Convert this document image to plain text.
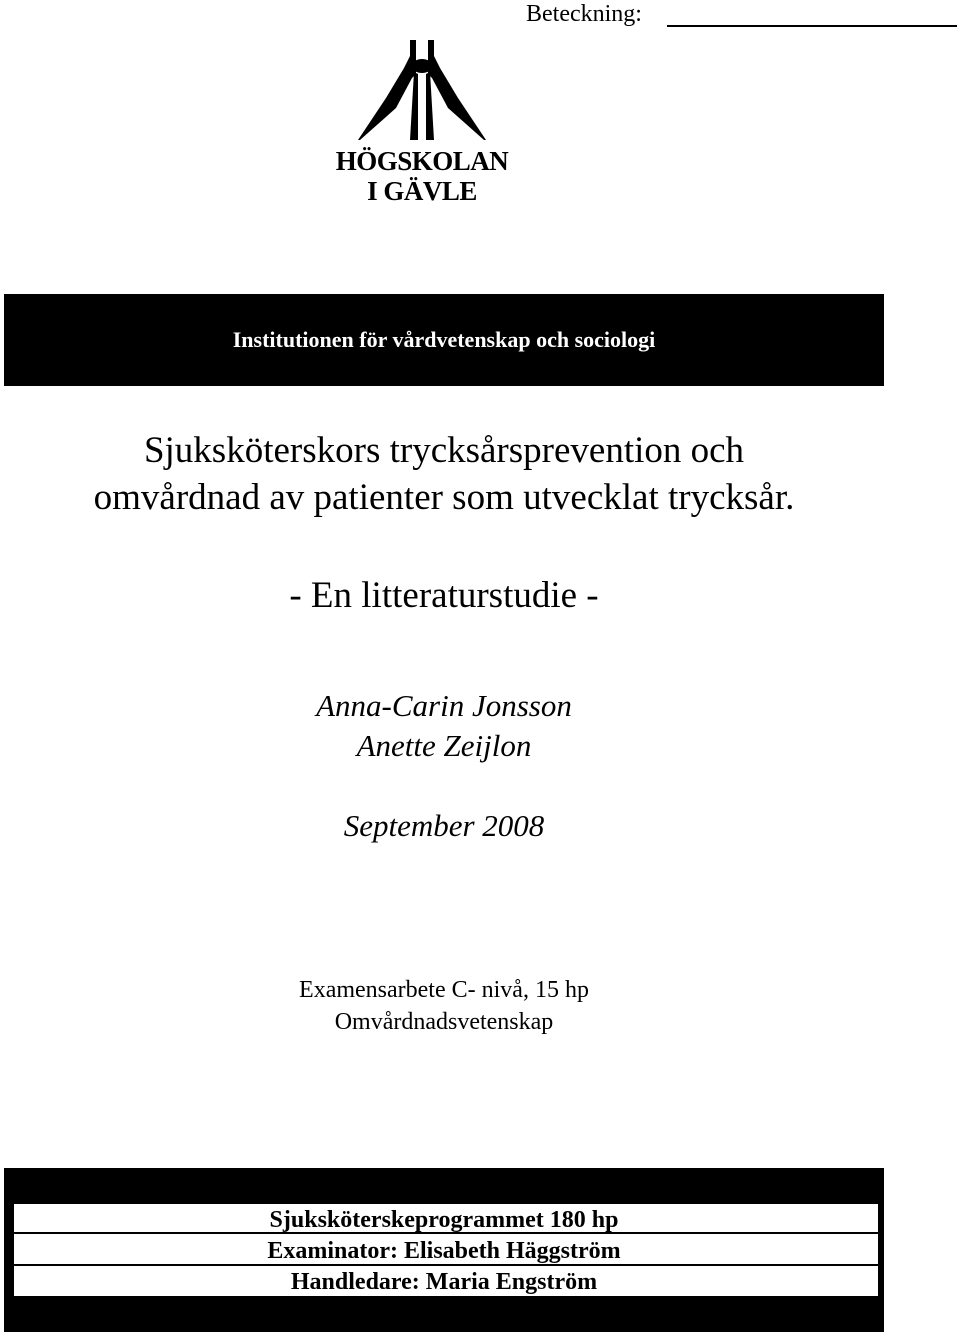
Beteckning:
HÖGSKOLAN
I GÄVLE
Institutionen för vårdvetenskap och sociologi
Sjuksköterskors trycksårsprevention och
omvårdnad av patienter som utvecklat trycksår.
- En litteraturstudie -
Anna-Carin Jonsson
Anette Zeijlon
September 2008
Examensarbete C- nivå, 15 hp
Omvårdnadsvetenskap
Sjuksköterskeprogrammet 180 hp
Examinator: Elisabeth Häggström
Handledare: Maria Engström
